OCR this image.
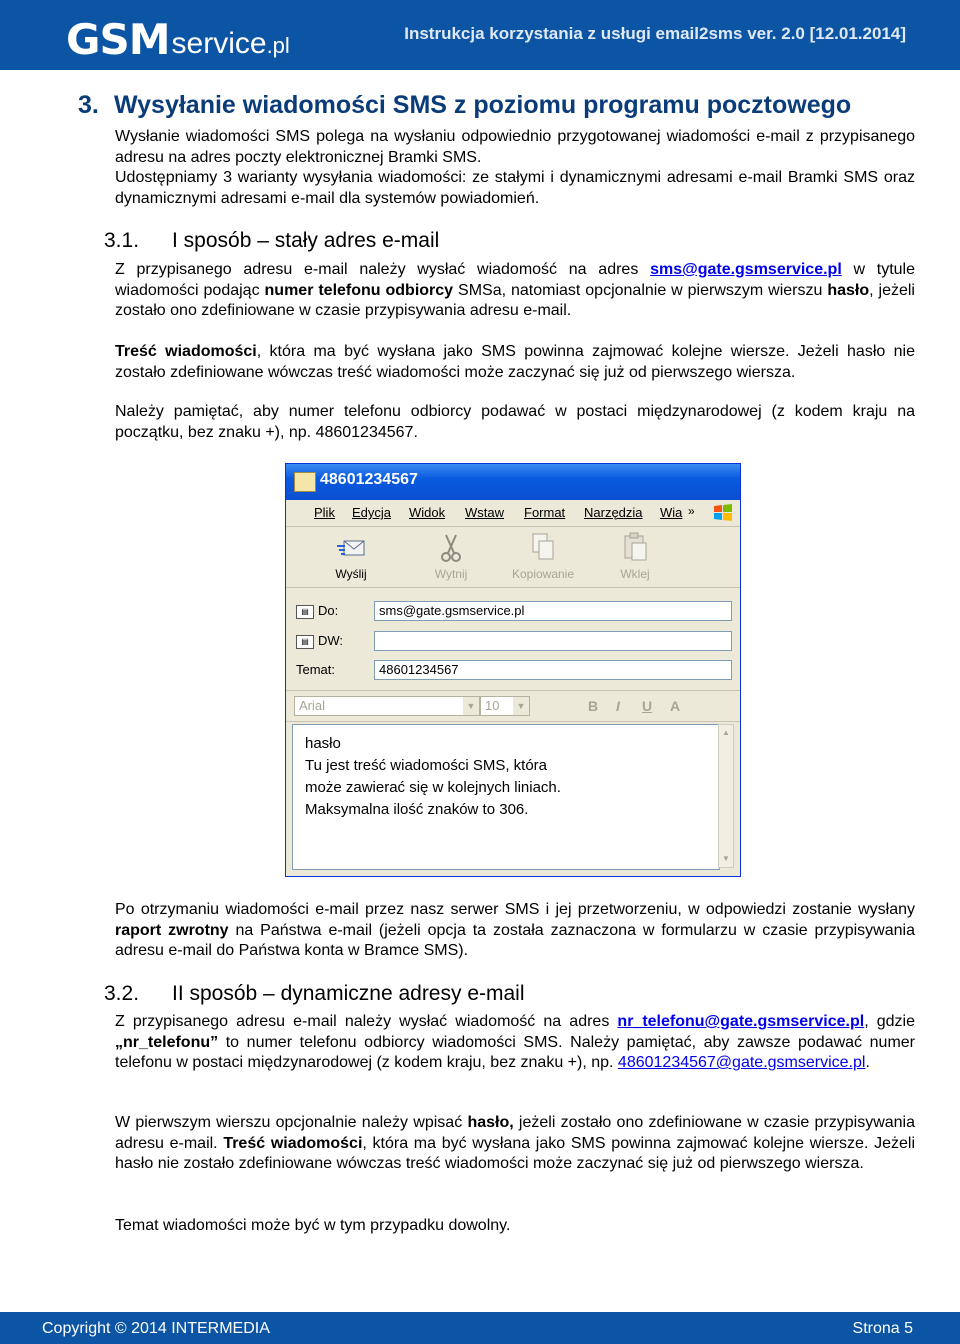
GSM service .pl	Instrukcja korzystania z usługi email2sms ver. 2.0 [12.01.2014]
3. Wysyłanie wiadomości SMS z poziomu programu pocztowego
Wysłanie wiadomości SMS polega na wysłaniu odpowiednio przygotowanej wiadomości e-mail z przypisanego adresu na adres poczty elektronicznej Bramki SMS.
Udostępniamy 3 warianty wysyłania wiadomości: ze stałymi i dynamicznymi adresami e-mail Bramki SMS oraz dynamicznymi adresami e-mail dla systemów powiadomień.
3.1. I sposób – stały adres e-mail
Z przypisanego adresu e-mail należy wysłać wiadomość na adres sms@gate.gsmservice.pl w tytule wiadomości podając numer telefonu odbiorcy SMSa, natomiast opcjonalnie w pierwszym wierszu hasło, jeżeli zostało ono zdefiniowane w czasie przypisywania adresu e-mail.
Treść wiadomości, która ma być wysłana jako SMS powinna zajmować kolejne wiersze. Jeżeli hasło nie zostało zdefiniowane wówczas treść wiadomości może zaczynać się już od pierwszego wiersza.
Należy pamiętać, aby numer telefonu odbiorcy podawać w postaci międzynarodowej (z kodem kraju na początku, bez znaku +), np. 48601234567.
48601234567
Plik Edycja Widok Wstaw Format Narzędzia Wia »
Wyślij	Wytnij	Kopiowanie	Wklej
▤ Do:	sms@gate.gsmservice.pl
▤ DW:
Temat:	48601234567
Arial	▼ 10	▼	B I U A
hasło
Tu jest treść wiadomości SMS, która
może zawierać się w kolejnych liniach.
Maksymalna ilość znaków to 306.
▲
▼
Po otrzymaniu wiadomości e-mail przez nasz serwer SMS i jej przetworzeniu, w odpowiedzi zostanie wysłany raport zwrotny na Państwa e-mail (jeżeli opcja ta została zaznaczona w formularzu w czasie przypisywania adresu e-mail do Państwa konta w Bramce SMS).
3.2. II sposób – dynamiczne adresy e-mail
Z przypisanego adresu e-mail należy wysłać wiadomość na adres nr_telefonu@gate.gsmservice.pl, gdzie „nr_telefonu” to numer telefonu odbiorcy wiadomości SMS. Należy pamiętać, aby zawsze podawać numer telefonu w postaci międzynarodowej (z kodem kraju, bez znaku +), np. 48601234567@gate.gsmservice.pl.
W pierwszym wierszu opcjonalnie należy wpisać hasło, jeżeli zostało ono zdefiniowane w czasie przypisywania adresu e-mail. Treść wiadomości, która ma być wysłana jako SMS powinna zajmować kolejne wiersze. Jeżeli hasło nie zostało zdefiniowane wówczas treść wiadomości może zaczynać się już od pierwszego wiersza.
Temat wiadomości może być w tym przypadku dowolny.
Copyright © 2014 INTERMEDIA	Strona 5
